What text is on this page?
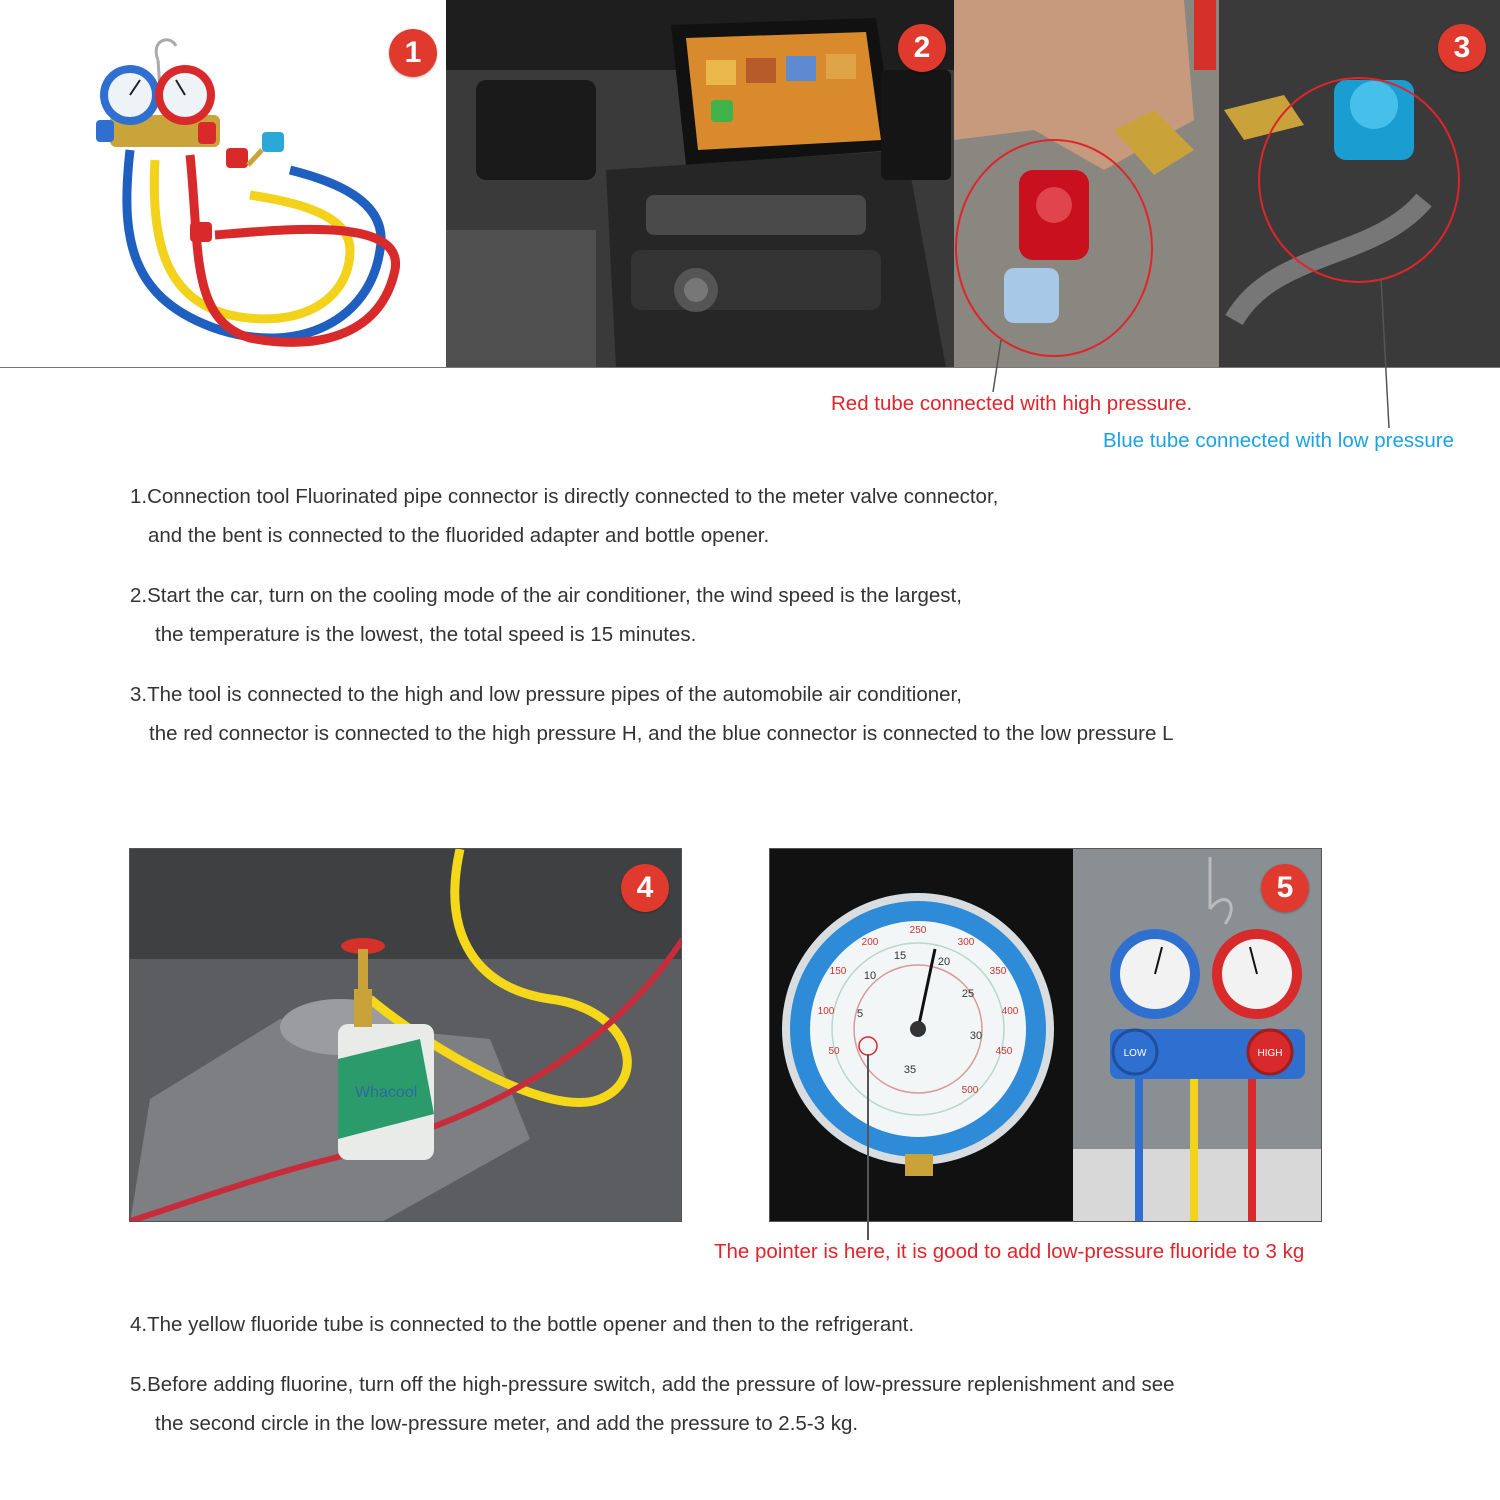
1	2	3
Red tube connected with high pressure.
Blue tube connected with low pressure
1.Connection tool Fluorinated pipe connector is directly connected to the meter valve connector,
and the bent is connected to the fluorided adapter and bottle opener.
2.Start the car, turn on the cooling mode of the air conditioner, the wind speed is the largest,
the temperature is the lowest, the total speed is 15 minutes.
3.The tool is connected to the high and low pressure pipes of the automobile air conditioner,
the red connector is connected to the high pressure H, and the blue connector is connected to the low pressure L
Whacool
4
250
200	300
150	350
100	400
50	450
500
35
30
25
20
15
10
5
LOW	HIGH
5
The pointer is here, it is good to add low-pressure fluoride to 3 kg
4.The yellow fluoride tube is connected to the bottle opener and then to the refrigerant.
5.Before adding fluorine, turn off the high-pressure switch, add the pressure of low-pressure replenishment and see
the second circle in the low-pressure meter, and add the pressure to 2.5-3 kg.
